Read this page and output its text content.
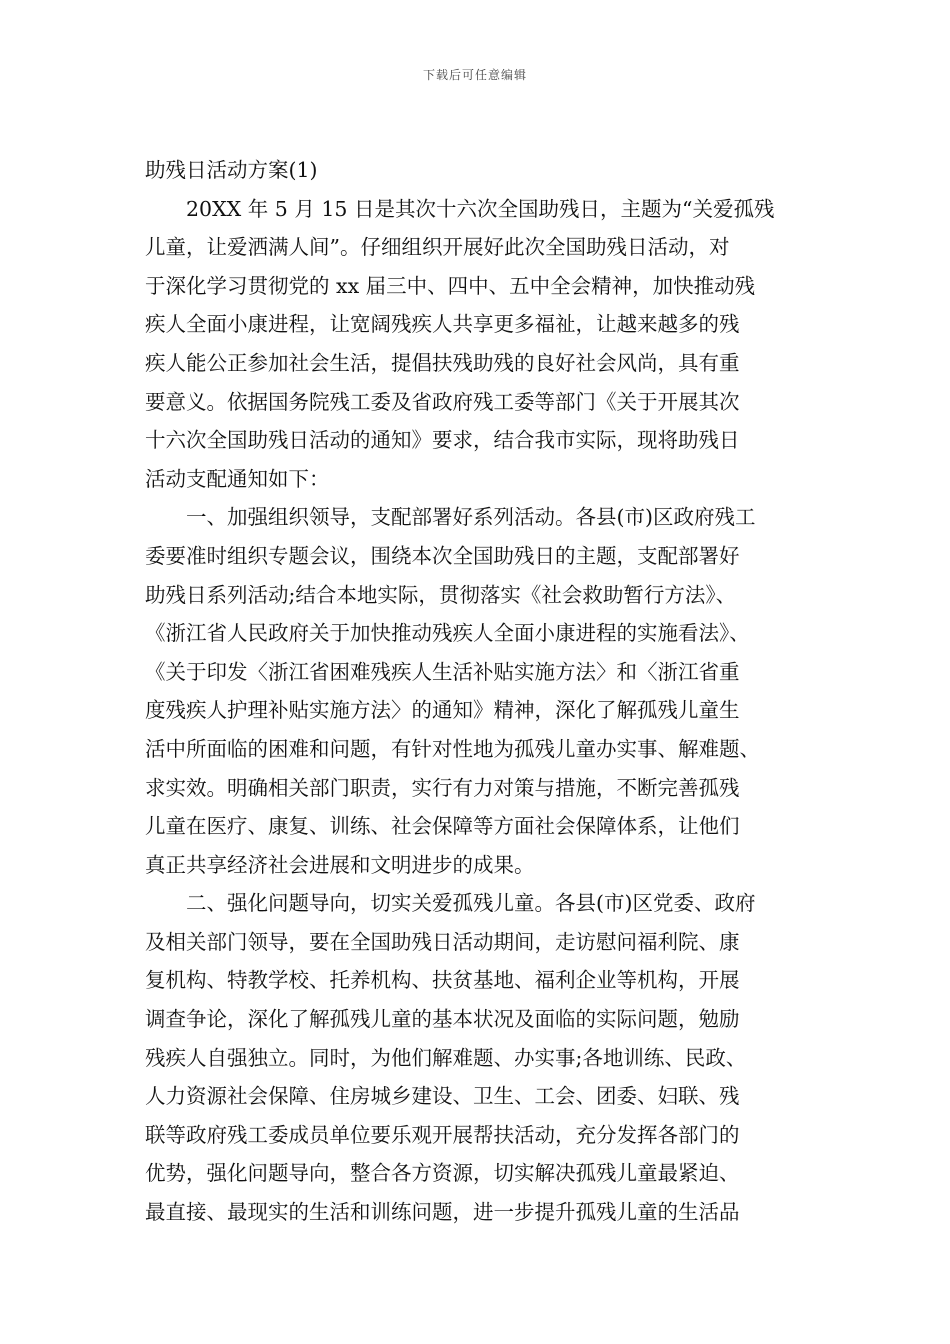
下载后可任意编辑
助残日活动方案(1)

20XX 年 5 月 15 日是其次十六次全国助残日，主题为“关爱孤残

儿童，让爱洒满人间”。仔细组织开展好此次全国助残日活动，对

于深化学习贯彻党的 xx 届三中、四中、五中全会精神，加快推动残

疾人全面小康进程，让宽阔残疾人共享更多福祉，让越来越多的残

疾人能公正参加社会生活，提倡扶残助残的良好社会风尚，具有重

要意义。依据国务院残工委及省政府残工委等部门《关于开展其次

十六次全国助残日活动的通知》要求，结合我市实际，现将助残日

活动支配通知如下：

一、加强组织领导，支配部署好系列活动。各县(市)区政府残工

委要准时组织专题会议，围绕本次全国助残日的主题，支配部署好

助残日系列活动;结合本地实际，贯彻落实《社会救助暂行方法》、

《浙江省人民政府关于加快推动残疾人全面小康进程的实施看法》、

《关于印发〈浙江省困难残疾人生活补贴实施方法〉和〈浙江省重

度残疾人护理补贴实施方法〉的通知》精神，深化了解孤残儿童生

活中所面临的困难和问题，有针对性地为孤残儿童办实事、解难题、

求实效。明确相关部门职责，实行有力对策与措施，不断完善孤残

儿童在医疗、康复、训练、社会保障等方面社会保障体系，让他们

真正共享经济社会进展和文明进步的成果。

二、强化问题导向，切实关爱孤残儿童。各县(市)区党委、政府

及相关部门领导，要在全国助残日活动期间，走访慰问福利院、康

复机构、特教学校、托养机构、扶贫基地、福利企业等机构，开展

调查争论，深化了解孤残儿童的基本状况及面临的实际问题，勉励

残疾人自强独立。同时，为他们解难题、办实事;各地训练、民政、

人力资源社会保障、住房城乡建设、卫生、工会、团委、妇联、残

联等政府残工委成员单位要乐观开展帮扶活动，充分发挥各部门的

优势，强化问题导向，整合各方资源，切实解决孤残儿童最紧迫、

最直接、最现实的生活和训练问题，进一步提升孤残儿童的生活品
